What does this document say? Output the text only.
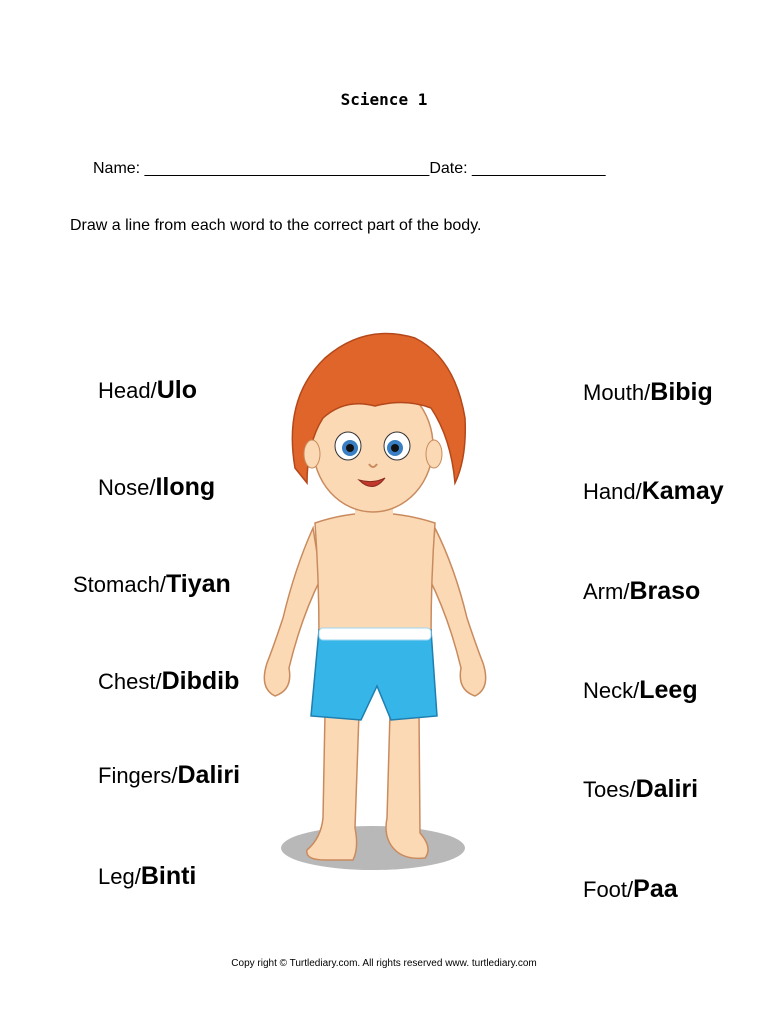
Science 1
Name: ________________________________Date: _______________
Draw a line from each word to the correct part of the body.
Head/Ulo
Nose/Ilong
Stomach/Tiyan
Chest/Dibdib
Fingers/Daliri
Leg/Binti
Mouth/Bibig
Hand/Kamay
Arm/Braso
Neck/Leeg
Toes/Daliri
Foot/Paa
Copy right © Turtlediary.com. All rights reserved www. turtlediary.com
